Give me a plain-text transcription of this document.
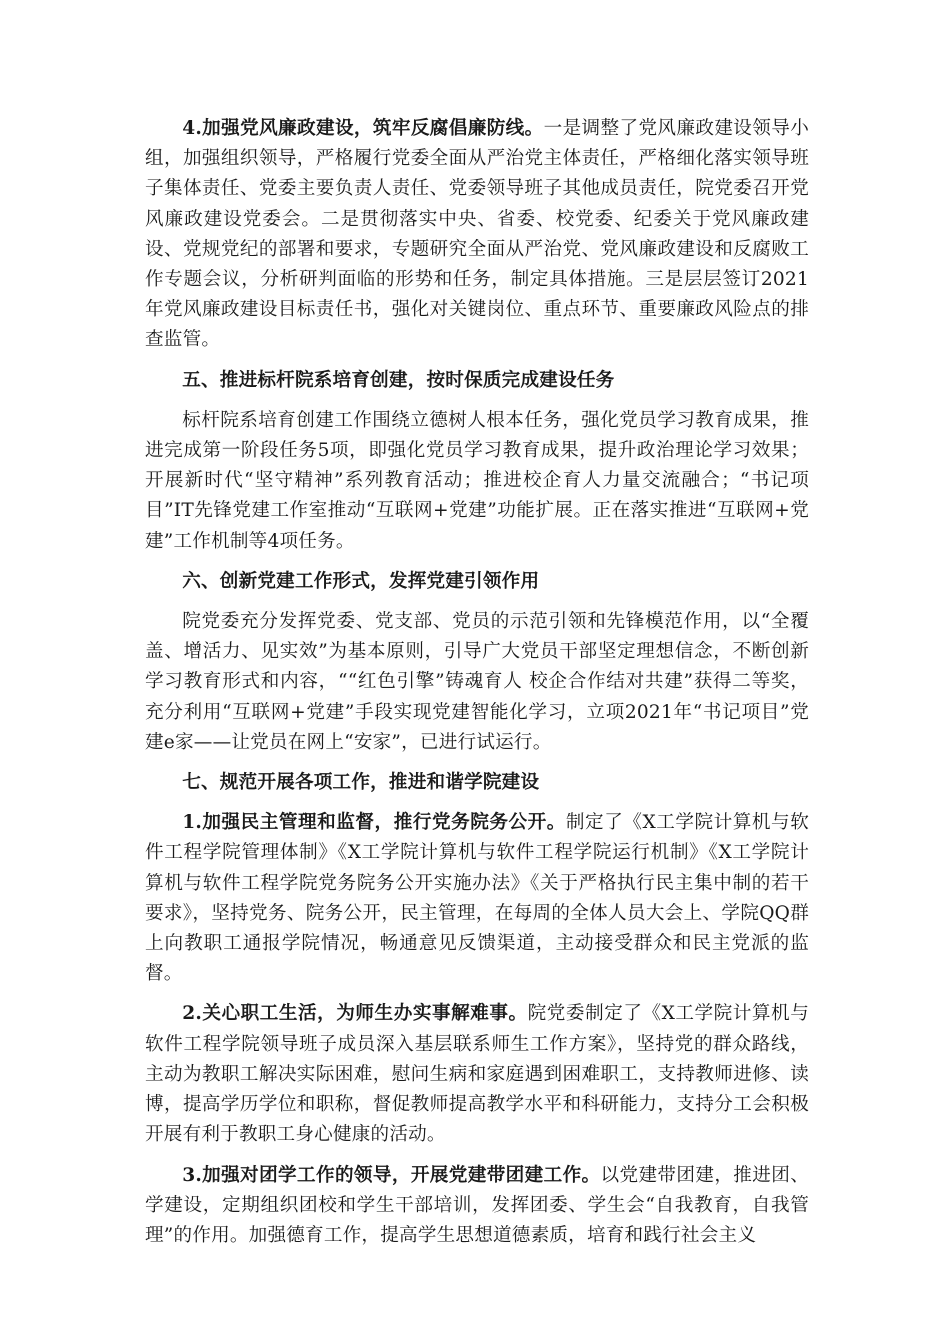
4.加强党风廉政建设，筑牢反腐倡廉防线。一是调整了党风廉政建设领导小组，加强组织领导，严格履行党委全面从严治党主体责任，严格细化落实领导班子集体责任、党委主要负责人责任、党委领导班子其他成员责任，院党委召开党风廉政建设党委会。二是贯彻落实中央、省委、校党委、纪委关于党风廉政建设、党规党纪的部署和要求，专题研究全面从严治党、党风廉政建设和反腐败工作专题会议，分析研判面临的形势和任务，制定具体措施。三是层层签订2021年党风廉政建设目标责任书，强化对关键岗位、重点环节、重要廉政风险点的排查监管。

五、推进标杆院系培育创建，按时保质完成建设任务

标杆院系培育创建工作围绕立德树人根本任务，强化党员学习教育成果，推进完成第一阶段任务5项，即强化党员学习教育成果，提升政治理论学习效果；开展新时代“坚守精神”系列教育活动；推进校企育人力量交流融合；“书记项目”IT先锋党建工作室推动“互联网+党建”功能扩展。正在落实推进“互联网+党建”工作机制等4项任务。

六、创新党建工作形式，发挥党建引领作用

院党委充分发挥党委、党支部、党员的示范引领和先锋模范作用，以“全覆盖、增活力、见实效”为基本原则，引导广大党员干部坚定理想信念，不断创新学习教育形式和内容，““红色引擎”铸魂育人 校企合作结对共建”获得二等奖，充分利用“互联网+党建”手段实现党建智能化学习，立项2021年“书记项目”党建e家——让党员在网上“安家”，已进行试运行。

七、规范开展各项工作，推进和谐学院建设

1.加强民主管理和监督，推行党务院务公开。制定了《X工学院计算机与软件工程学院管理体制》《X工学院计算机与软件工程学院运行机制》《X工学院计算机与软件工程学院党务院务公开实施办法》《关于严格执行民主集中制的若干要求》，坚持党务、院务公开，民主管理，在每周的全体人员大会上、学院QQ群上向教职工通报学院情况，畅通意见反馈渠道，主动接受群众和民主党派的监督。

2.关心职工生活，为师生办实事解难事。院党委制定了《X工学院计算机与软件工程学院领导班子成员深入基层联系师生工作方案》，坚持党的群众路线，主动为教职工解决实际困难，慰问生病和家庭遇到困难职工，支持教师进修、读博，提高学历学位和职称，督促教师提高教学水平和科研能力，支持分工会积极开展有利于教职工身心健康的活动。

3.加强对团学工作的领导，开展党建带团建工作。以党建带团建，推进团、学建设，定期组织团校和学生干部培训，发挥团委、学生会“自我教育，自我管理”的作用。加强德育工作，提高学生思想道德素质，培育和践行社会主义
